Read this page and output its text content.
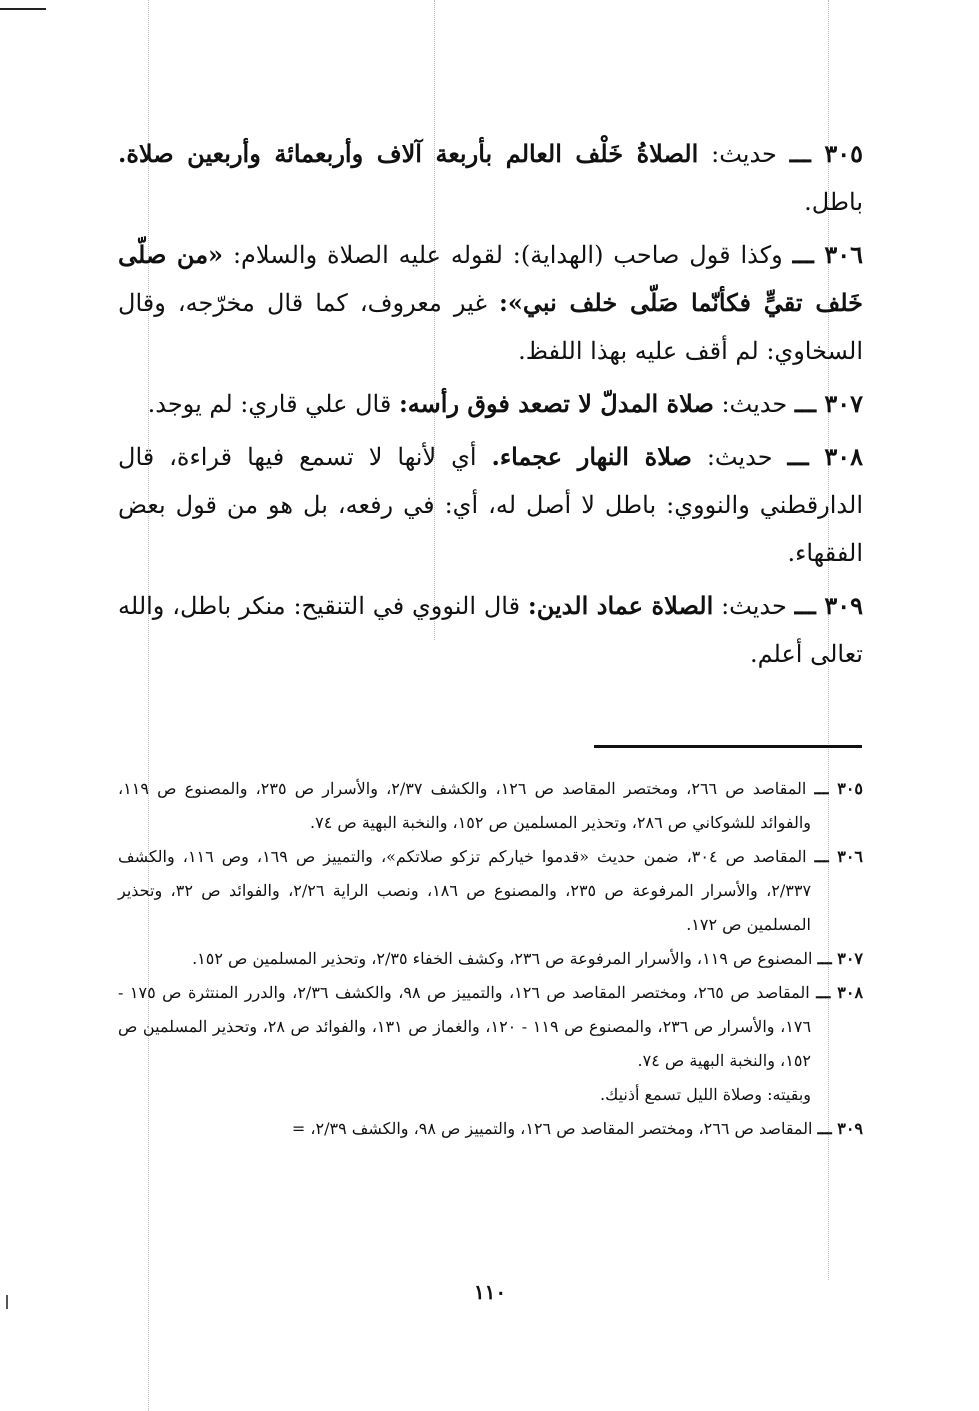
٣٠٥ ـــ حديث: الصلاةُ خَلْف العالم بأربعة آلاف وأربعمائة وأربعين صلاة. باطل.

٣٠٦ ـــ وكذا قول صاحب (الهداية): لقوله عليه الصلاة والسلام: «من صلّى خَلف تقيٍّ فكأنّما صَلّى خلف نبي»: غير معروف، كما قال مخرّجه، وقال السخاوي: لم أقف عليه بهذا اللفظ.

٣٠٧ ـــ حديث: صلاة المدلّ لا تصعد فوق رأسه: قال علي قاري: لم يوجد.

٣٠٨ ـــ حديث: صلاة النهار عجماء. أي لأنها لا تسمع فيها قراءة، قال الدارقطني والنووي: باطل لا أصل له، أي: في رفعه، بل هو من قول بعض الفقهاء.

٣٠٩ ـــ حديث: الصلاة عماد الدين: قال النووي في التنقيح: منكر باطل، والله تعالى أعلم.

٣٠٥ ـــ المقاصد ص ٢٦٦، ومختصر المقاصد ص ١٢٦، والكشف ٢/٣٧، والأسرار ص ٢٣٥، والمصنوع ص ١١٩، والفوائد للشوكاني ص ٢٨٦، وتحذير المسلمين ص ١٥٢، والنخبة البهية ص ٧٤.
٣٠٦ ـــ المقاصد ص ٣٠٤، ضمن حديث «قدموا خياركم تزكو صلاتكم»، والتمييز ص ١٦٩، وص ١١٦، والكشف ٢/٣٣٧، والأسرار المرفوعة ص ٢٣٥، والمصنوع ص ١٨٦، ونصب الراية ٢/٢٦، والفوائد ص ٣٢، وتحذير المسلمين ص ١٧٢.
٣٠٧ ـــ المصنوع ص ١١٩، والأسرار المرفوعة ص ٢٣٦، وكشف الخفاء ٢/٣٥، وتحذير المسلمين ص ١٥٢.
٣٠٨ ـــ المقاصد ص ٢٦٥، ومختصر المقاصد ص ١٢٦، والتمييز ص ٩٨، والكشف ٢/٣٦، والدرر المنتثرة ص ١٧٥ - ١٧٦، والأسرار ص ٢٣٦، والمصنوع ص ١١٩ - ١٢٠، والغماز ص ١٣١، والفوائد ص ٢٨، وتحذير المسلمين ص ١٥٢، والنخبة البهية ص ٧٤.
وبقيته: وصلاة الليل تسمع أذنيك.
٣٠٩ ـــ المقاصد ص ٢٦٦، ومختصر المقاصد ص ١٢٦، والتمييز ص ٩٨، والكشف ٢/٣٩، =
١١٠
